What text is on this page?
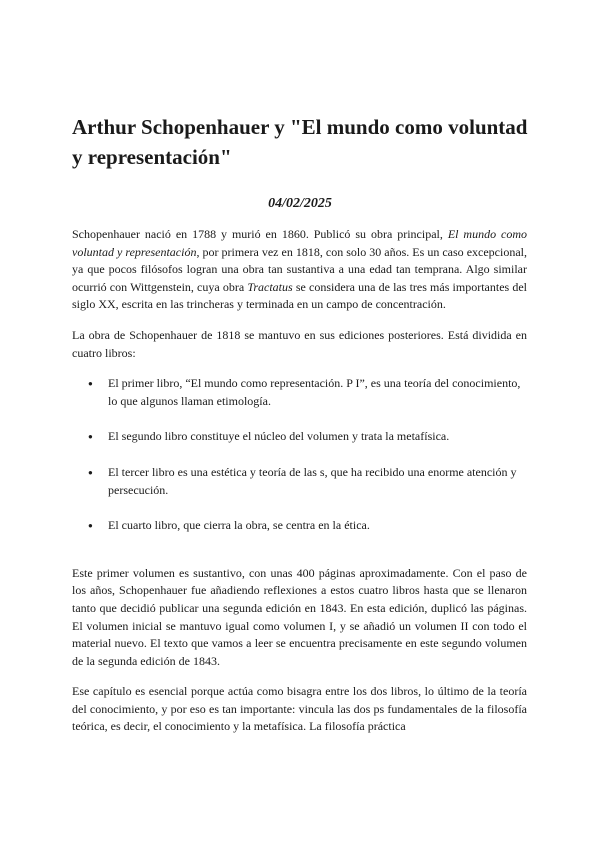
Arthur Schopenhauer y "El mundo como voluntad y representación"

04/02/2025

Schopenhauer nació en 1788 y murió en 1860. Publicó su obra principal, El mundo como voluntad y representación, por primera vez en 1818, con solo 30 años. Es un caso excepcional, ya que pocos filósofos logran una obra tan sustantiva a una edad tan temprana. Algo similar ocurrió con Wittgenstein, cuya obra Tractatus se considera una de las tres más importantes del siglo XX, escrita en las trincheras y terminada en un campo de concentración.

La obra de Schopenhauer de 1818 se mantuvo en sus ediciones posteriores. Está dividida en cuatro libros:

● El primer libro, “El mundo como representación. P I”, es una teoría del conocimiento, lo que algunos llaman etimología.
● El segundo libro constituye el núcleo del volumen y trata la metafísica.
● El tercer libro es una estética y teoría de las s, que ha recibido una enorme atención y persecución.
● El cuarto libro, que cierra la obra, se centra en la ética.

Este primer volumen es sustantivo, con unas 400 páginas aproximadamente. Con el paso de los años, Schopenhauer fue añadiendo reflexiones a estos cuatro libros hasta que se llenaron tanto que decidió publicar una segunda edición en 1843. En esta edición, duplicó las páginas. El volumen inicial se mantuvo igual como volumen I, y se añadió un volumen II con todo el material nuevo. El texto que vamos a leer se encuentra precisamente en este segundo volumen de la segunda edición de 1843.

Ese capítulo es esencial porque actúa como bisagra entre los dos libros, lo último de la teoría del conocimiento, y por eso es tan importante: vincula las dos ps fundamentales de la filosofía teórica, es decir, el conocimiento y la metafísica. La filosofía práctica
